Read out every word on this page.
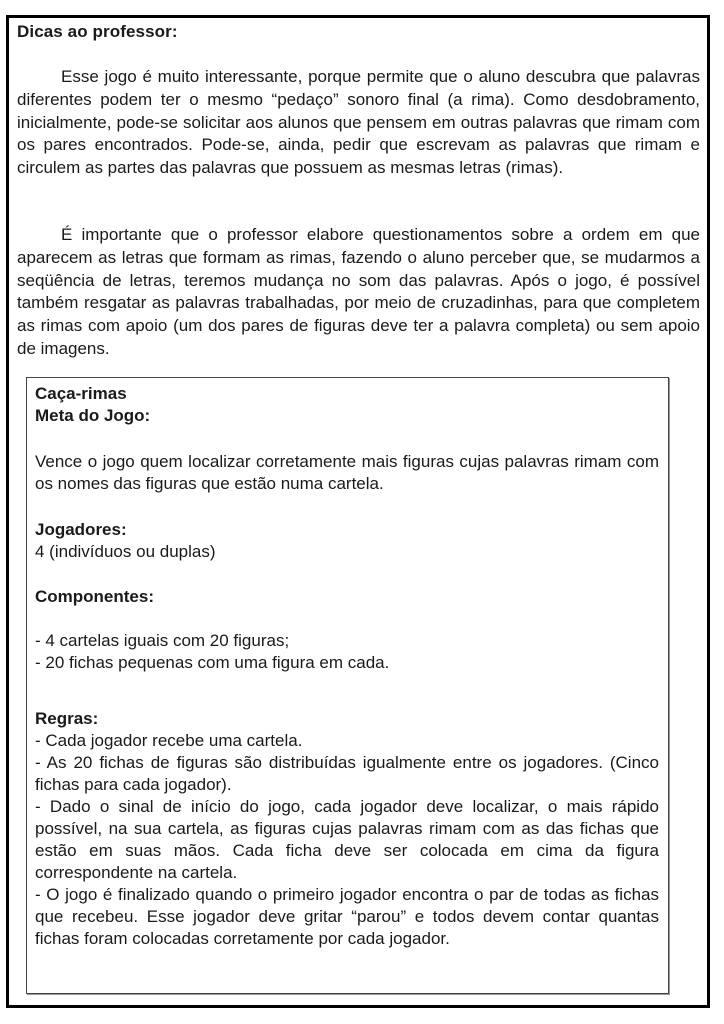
Dicas ao professor:

Esse jogo é muito interessante, porque permite que o aluno descubra que palavras diferentes podem ter o mesmo “pedaço” sonoro final (a rima). Como desdobramento, inicialmente, pode-se solicitar aos alunos que pensem em outras palavras que rimam com os pares encontrados. Pode-se, ainda, pedir que escrevam as palavras que rimam e circulem as partes das palavras que possuem as mesmas letras (rimas).

É importante que o professor elabore questionamentos sobre a ordem em que aparecem as letras que formam as rimas, fazendo o aluno perceber que, se mudarmos a seqüência de letras, teremos mudança no som das palavras. Após o jogo, é possível também resgatar as palavras trabalhadas, por meio de cruzadinhas, para que completem as rimas com apoio (um dos pares de figuras deve ter a palavra completa) ou sem apoio de imagens.

Caça-rimas
Meta do Jogo:
Vence o jogo quem localizar corretamente mais figuras cujas palavras rimam com os nomes das figuras que estão numa cartela.
Jogadores:
4 (indivíduos ou duplas)
Componentes:

- 4 cartelas iguais com 20 figuras;

- 20 fichas pequenas com uma figura em cada.

Regras:

- Cada jogador recebe uma cartela.

- As 20 fichas de figuras são distribuídas igualmente entre os jogadores. (Cinco fichas para cada jogador).

- Dado o sinal de início do jogo, cada jogador deve localizar, o mais rápido possível, na sua cartela, as figuras cujas palavras rimam com as das fichas que estão em suas mãos. Cada ficha deve ser colocada em cima da figura correspondente na cartela.

- O jogo é finalizado quando o primeiro jogador encontra o par de todas as fichas que recebeu. Esse jogador deve gritar “parou” e todos devem contar quantas fichas foram colocadas corretamente por cada jogador.
